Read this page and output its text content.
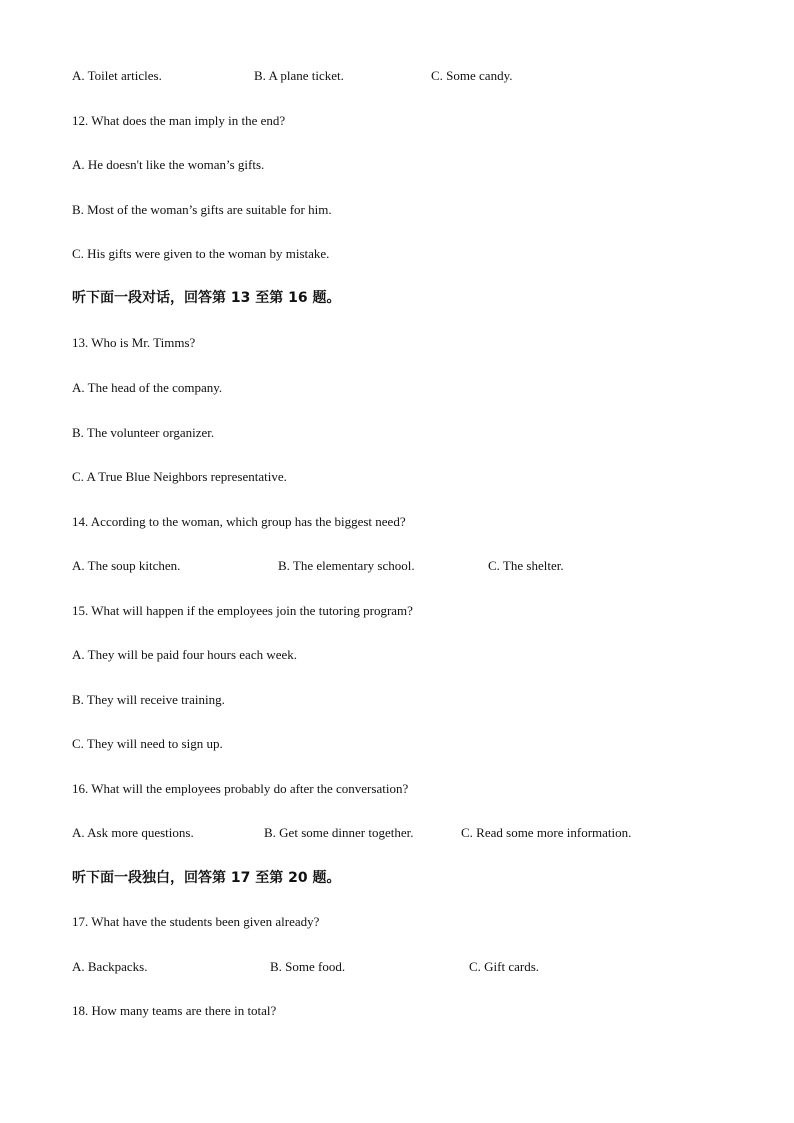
A. Toilet articles.	B. A plane ticket.	C. Some candy.
12. What does the man imply in the end?
A. He doesn't like the woman’s gifts.
B. Most of the woman’s gifts are suitable for him.
C. His gifts were given to the woman by mistake.
听下面一段对话，回答第 13 至第 16 题。
13. Who is Mr. Timms?
A. The head of the company.
B. The volunteer organizer.
C. A True Blue Neighbors representative.
14. According to the woman, which group has the biggest need?
A. The soup kitchen.	B. The elementary school.	C. The shelter.
15. What will happen if the employees join the tutoring program?
A. They will be paid four hours each week.
B. They will receive training.
C. They will need to sign up.
16. What will the employees probably do after the conversation?
A. Ask more questions.	B. Get some dinner together.	C. Read some more information.
听下面一段独白，回答第 17 至第 20 题。
17. What have the students been given already?
A. Backpacks.	B. Some food.	C. Gift cards.
18. How many teams are there in total?
